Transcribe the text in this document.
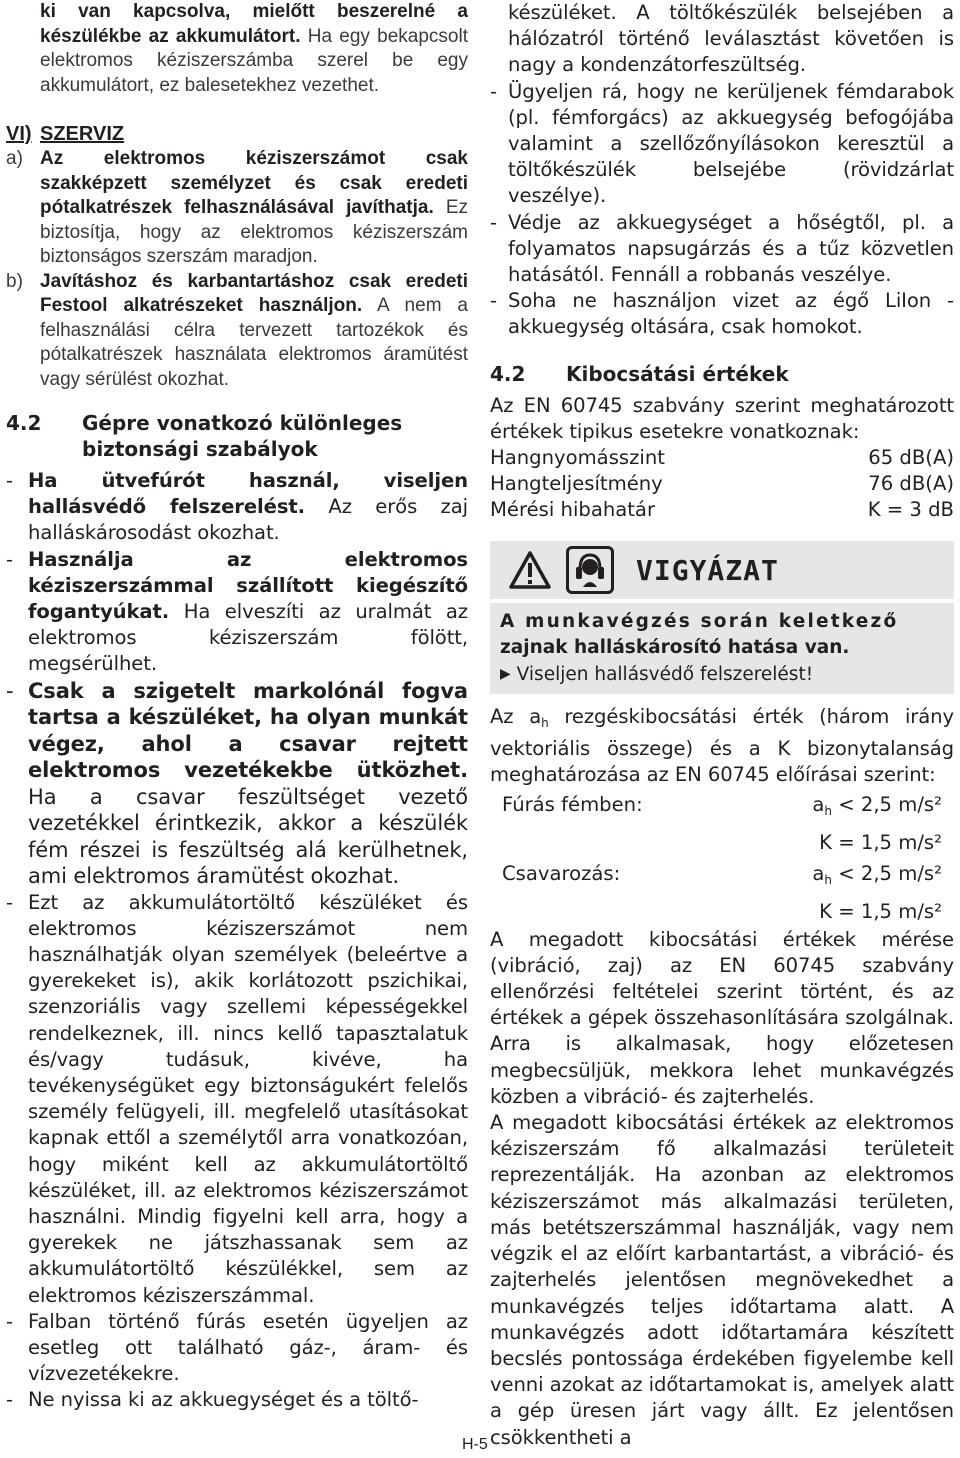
ki van kapcsolva, mielőtt beszerelné a készülékbe az akkumulátort. Ha egy bekapcsolt elektromos kéziszerszámba szerel be egy akkumulátort, ez balesetekhez vezethet.

VI) SZERVIZ
a) Az elektromos kéziszerszámot csak szakképzett személyzet és csak eredeti pótalkatrészek felhasználásával javíthatja. Ez biztosítja, hogy az elektromos kéziszerszám biztonságos szerszám maradjon.

b) Javításhoz és karbantartáshoz csak eredeti Festool alkatrészeket használjon. A nem a felhasználási célra tervezett tartozékok és pótalkatrészek használata elektromos áramütést vagy sérülést okozhat.

4.2	Gépre vonatkozó különleges biztonsági szabályok
- Ha ütvefúrót használ, viseljen hallásvédő felszerelést. Az erős zaj halláskárosodást okozhat.

- Használja az elektromos kéziszerszámmal szállított kiegészítő fogantyúkat. Ha elveszíti az uralmát az elektromos kéziszerszám fölött, megsérülhet.

- Csak a szigetelt markolónál fogva tartsa a készüléket, ha olyan munkát végez, ahol a csavar rejtett elektromos vezetékekbe ütközhet. Ha a csavar feszültséget vezető vezetékkel érintkezik, akkor a készülék fém részei is feszültség alá kerülhetnek, ami elektromos áramütést okozhat.

- Ezt az akkumulátortöltő készüléket és elektromos kéziszerszámot nem használhatják olyan személyek (beleértve a gyerekeket is), akik korlátozott pszichikai, szenzoriális vagy szellemi képességekkel rendelkeznek, ill. nincs kellő tapasztalatuk és/vagy tudásuk, kivéve, ha tevékenységüket egy biztonságukért felelős személy felügyeli, ill. megfelelő utasításokat kapnak ettől a személytől arra vonatkozóan, hogy miként kell az akkumulátortöltő készüléket, ill. az elektromos kéziszerszámot használni. Mindig figyelni kell arra, hogy a gyerekek ne játszhassanak sem az akkumulátortöltő készülékkel, sem az elektromos kéziszerszámmal.

- Falban történő fúrás esetén ügyeljen az esetleg ott található gáz-, áram- és vízvezetékekre.

- Ne nyissa ki az akkuegységet és a töltő-

készüléket. A töltőkészülék belsejében a hálózatról történő leválasztást követően is nagy a kondenzátorfeszültség.

- Ügyeljen rá, hogy ne kerüljenek fémdarabok (pl. fémforgács) az akkuegység befogójába valamint a szellőzőnyílásokon keresztül a töltőkészülék belsejébe (rövidzárlat veszélye).

- Védje az akkuegységet a hőségtől, pl. a folyamatos napsugárzás és a tűz közvetlen hatásától. Fennáll a robbanás veszélye.

- Soha ne használjon vizet az égő LiIon - akkuegység oltására, csak homokot.

4.2	Kibocsátási értékek

Az EN 60745 szabvány szerint meghatározott értékek tipikus esetekre vonatkoznak:

Hangnyomásszint	65 dB(A)
Hangteljesítmény	76 dB(A)
Mérési hibahatár	K = 3 dB
VIGYÁZAT
A munkavégzés során keletkező
zajnak halláskárosító hatása van.
▶ Viseljen hallásvédő felszerelést!

Az $a_h$ rezgéskibocsátási érték (három irány vektoriális összege) és a K bizonytalanság meghatározása az EN 60745 előírásai szerint:

Fúrás fémben:	$a_h < 2,5$ m/s²
K = 1,5 m/s²
Csavarozás:	$a_h < 2,5$ m/s²
K = 1,5 m/s²

A megadott kibocsátási értékek mérése (vibráció, zaj) az EN 60745 szabvány ellenőrzési feltételei szerint történt, és az értékek a gépek összehasonlítására szolgálnak. Arra is alkalmasak, hogy előzetesen megbecsüljük, mekkora lehet munkavégzés közben a vibráció- és zajterhelés.

A megadott kibocsátási értékek az elektromos kéziszerszám fő alkalmazási területeit reprezentálják. Ha azonban az elektromos kéziszerszámot más alkalmazási területen, más betétszerszámmal használják, vagy nem végzik el az előírt karbantartást, a vibráció- és zajterhelés jelentősen megnövekedhet a munkavégzés teljes időtartama alatt. A munkavégzés adott időtartamára készített becslés pontossága érdekében figyelembe kell venni azokat az időtartamokat is, amelyek alatt a gép üresen járt vagy állt. Ez jelentősen csökkentheti a

H-5
